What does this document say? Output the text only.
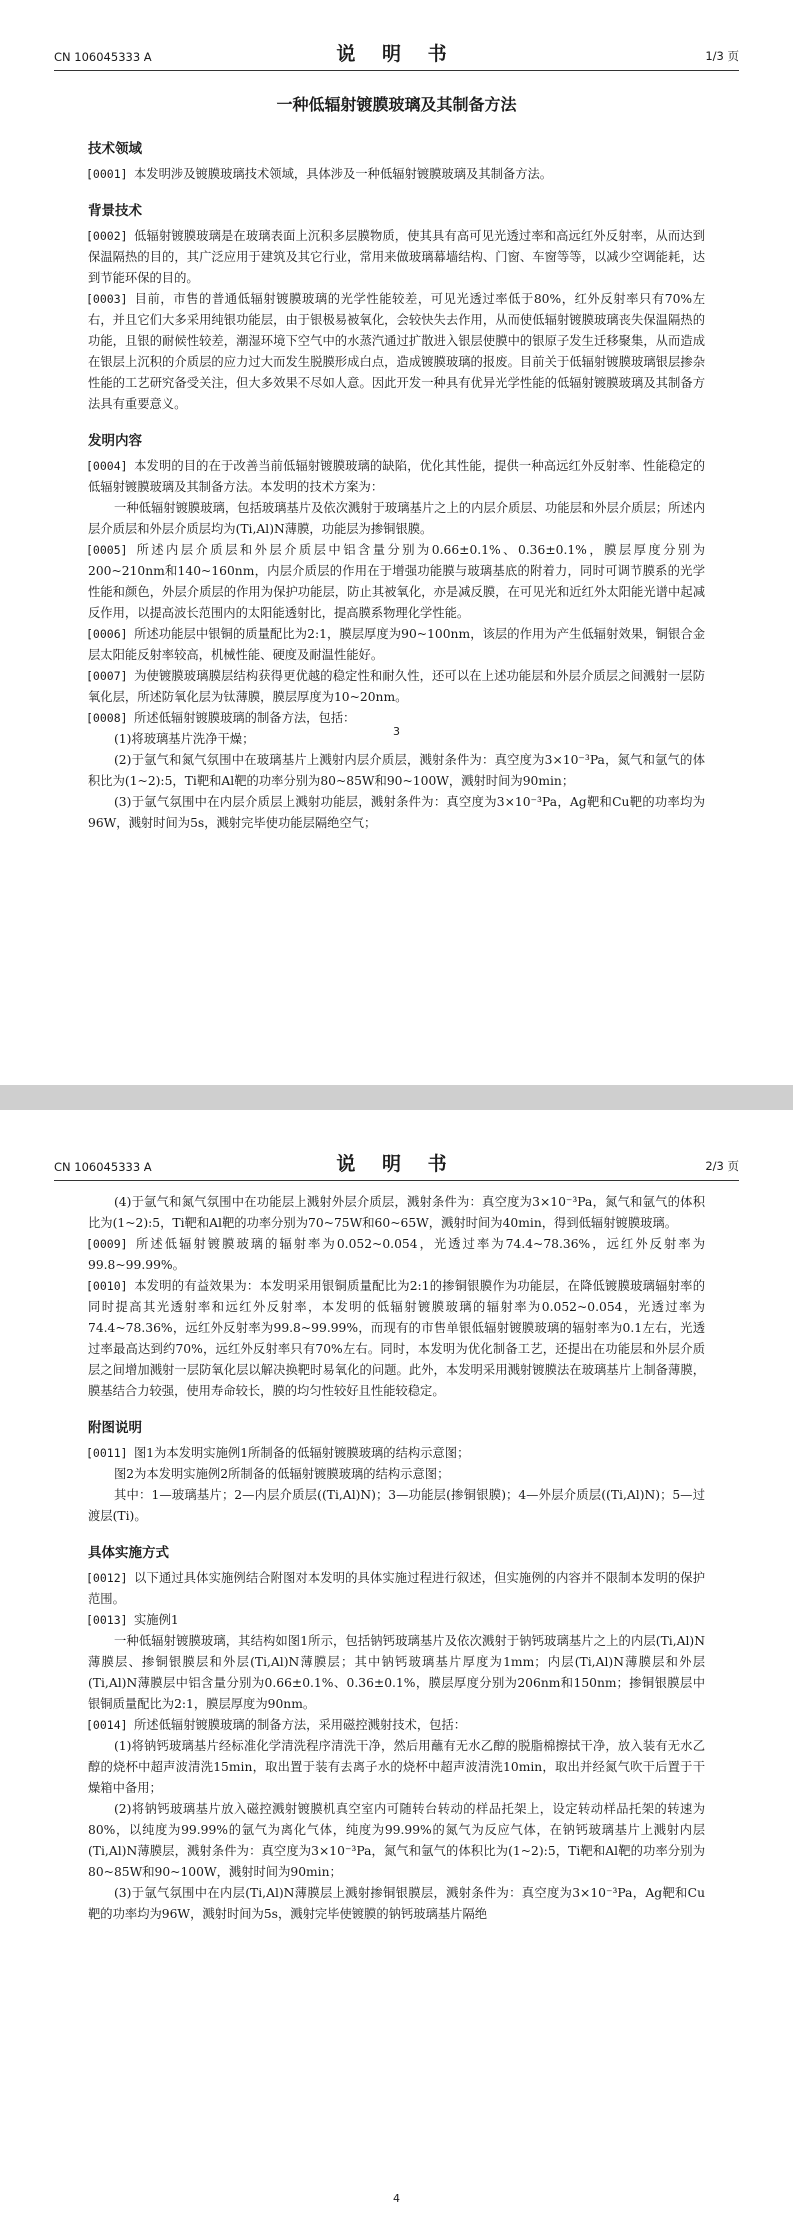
CN 106045333 A	说 明 书	1/3 页
一种低辐射镀膜玻璃及其制备方法
技术领域

[0001] 本发明涉及镀膜玻璃技术领域，具体涉及一种低辐射镀膜玻璃及其制备方法。

背景技术

[0002] 低辐射镀膜玻璃是在玻璃表面上沉积多层膜物质，使其具有高可见光透过率和高远红外反射率，从而达到保温隔热的目的，其广泛应用于建筑及其它行业，常用来做玻璃幕墙结构、门窗、车窗等等，以减少空调能耗，达到节能环保的目的。

[0003] 目前，市售的普通低辐射镀膜玻璃的光学性能较差，可见光透过率低于80%，红外反射率只有70%左右，并且它们大多采用纯银功能层，由于银极易被氧化，会较快失去作用，从而使低辐射镀膜玻璃丧失保温隔热的功能，且银的耐候性较差，潮湿环境下空气中的水蒸汽通过扩散进入银层使膜中的银原子发生迁移聚集，从而造成在银层上沉积的介质层的应力过大而发生脱膜形成白点，造成镀膜玻璃的报废。目前关于低辐射镀膜玻璃银层掺杂性能的工艺研究备受关注，但大多效果不尽如人意。因此开发一种具有优异光学性能的低辐射镀膜玻璃及其制备方法具有重要意义。

发明内容

[0004] 本发明的目的在于改善当前低辐射镀膜玻璃的缺陷，优化其性能，提供一种高远红外反射率、性能稳定的低辐射镀膜玻璃及其制备方法。本发明的技术方案为：

一种低辐射镀膜玻璃，包括玻璃基片及依次溅射于玻璃基片之上的内层介质层、功能层和外层介质层；所述内层介质层和外层介质层均为(Ti,Al)N薄膜，功能层为掺铜银膜。

[0005] 所述内层介质层和外层介质层中铝含量分别为0.66±0.1%、0.36±0.1%，膜层厚度分别为200~210nm和140~160nm，内层介质层的作用在于增强功能膜与玻璃基底的附着力，同时可调节膜系的光学性能和颜色，外层介质层的作用为保护功能层，防止其被氧化，亦是减反膜，在可见光和近红外太阳能光谱中起减反作用，以提高波长范围内的太阳能透射比，提高膜系物理化学性能。

[0006] 所述功能层中银铜的质量配比为2:1，膜层厚度为90~100nm，该层的作用为产生低辐射效果，铜银合金层太阳能反射率较高，机械性能、硬度及耐温性能好。

[0007] 为使镀膜玻璃膜层结构获得更优越的稳定性和耐久性，还可以在上述功能层和外层介质层之间溅射一层防氧化层，所述防氧化层为钛薄膜，膜层厚度为10~20nm。

[0008] 所述低辐射镀膜玻璃的制备方法，包括：

(1)将玻璃基片洗净干燥；

(2)于氩气和氮气氛围中在玻璃基片上溅射内层介质层，溅射条件为：真空度为3×10⁻³Pa，氮气和氩气的体积比为(1~2):5，Ti靶和Al靶的功率分别为80~85W和90~100W，溅射时间为90min；

(3)于氩气氛围中在内层介质层上溅射功能层，溅射条件为：真空度为3×10⁻³Pa，Ag靶和Cu靶的功率均为96W，溅射时间为5s，溅射完毕使功能层隔绝空气；

3
CN 106045333 A	说 明 书	2/3 页

(4)于氩气和氮气氛围中在功能层上溅射外层介质层，溅射条件为：真空度为3×10⁻³Pa，氮气和氩气的体积比为(1~2):5，Ti靶和Al靶的功率分别为70~75W和60~65W，溅射时间为40min，得到低辐射镀膜玻璃。

[0009] 所述低辐射镀膜玻璃的辐射率为0.052~0.054，光透过率为74.4~78.36%，远红外反射率为99.8~99.99%。

[0010] 本发明的有益效果为：本发明采用银铜质量配比为2:1的掺铜银膜作为功能层，在降低镀膜玻璃辐射率的同时提高其光透射率和远红外反射率，本发明的低辐射镀膜玻璃的辐射率为0.052~0.054，光透过率为74.4~78.36%，远红外反射率为99.8~99.99%，而现有的市售单银低辐射镀膜玻璃的辐射率为0.1左右，光透过率最高达到约70%，远红外反射率只有70%左右。同时，本发明为优化制备工艺，还提出在功能层和外层介质层之间增加溅射一层防氧化层以解决换靶时易氧化的问题。此外，本发明采用溅射镀膜法在玻璃基片上制备薄膜，膜基结合力较强，使用寿命较长，膜的均匀性较好且性能较稳定。

附图说明

[0011] 图1为本发明实施例1所制备的低辐射镀膜玻璃的结构示意图；

图2为本发明实施例2所制备的低辐射镀膜玻璃的结构示意图；

其中：1—玻璃基片；2—内层介质层((Ti,Al)N)；3—功能层(掺铜银膜)；4—外层介质层((Ti,Al)N)；5—过渡层(Ti)。

具体实施方式

[0012] 以下通过具体实施例结合附图对本发明的具体实施过程进行叙述，但实施例的内容并不限制本发明的保护范围。

[0013] 实施例1

一种低辐射镀膜玻璃，其结构如图1所示，包括钠钙玻璃基片及依次溅射于钠钙玻璃基片之上的内层(Ti,Al)N薄膜层、掺铜银膜层和外层(Ti,Al)N薄膜层；其中钠钙玻璃基片厚度为1mm；内层(Ti,Al)N薄膜层和外层(Ti,Al)N薄膜层中铝含量分别为0.66±0.1%、0.36±0.1%，膜层厚度分别为206nm和150nm；掺铜银膜层中银铜质量配比为2:1，膜层厚度为90nm。

[0014] 所述低辐射镀膜玻璃的制备方法，采用磁控溅射技术，包括：

(1)将钠钙玻璃基片经标准化学清洗程序清洗干净，然后用蘸有无水乙醇的脱脂棉擦拭干净，放入装有无水乙醇的烧杯中超声波清洗15min，取出置于装有去离子水的烧杯中超声波清洗10min，取出并经氮气吹干后置于干燥箱中备用；

(2)将钠钙玻璃基片放入磁控溅射镀膜机真空室内可随转台转动的样品托架上，设定转动样品托架的转速为80%，以纯度为99.99%的氩气为离化气体，纯度为99.99%的氮气为反应气体，在钠钙玻璃基片上溅射内层(Ti,Al)N薄膜层，溅射条件为：真空度为3×10⁻³Pa，氮气和氩气的体积比为(1~2):5，Ti靶和Al靶的功率分别为80~85W和90~100W，溅射时间为90min；

(3)于氩气氛围中在内层(Ti,Al)N薄膜层上溅射掺铜银膜层，溅射条件为：真空度为3×10⁻³Pa，Ag靶和Cu靶的功率均为96W，溅射时间为5s，溅射完毕使镀膜的钠钙玻璃基片隔绝

4
